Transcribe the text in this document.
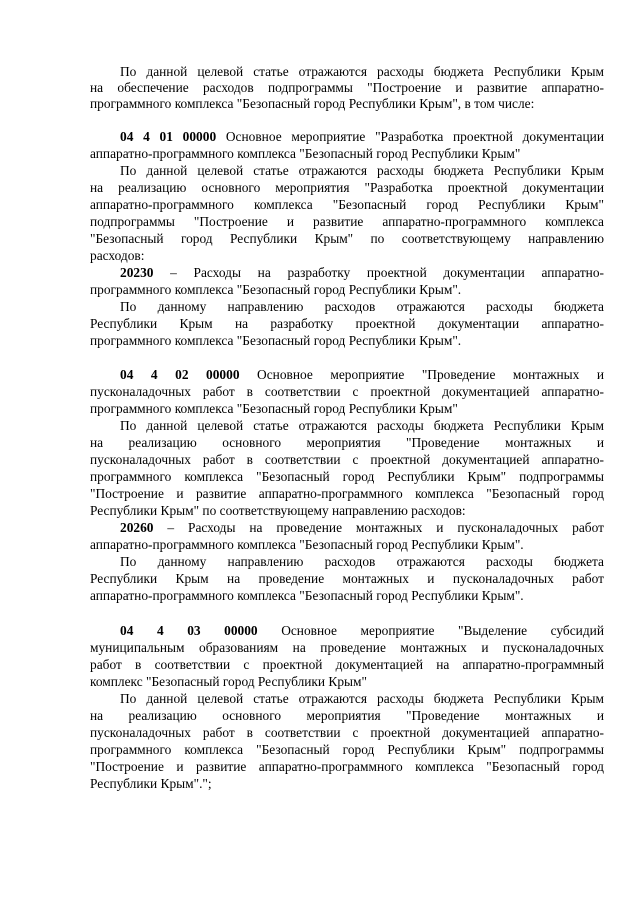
По данной целевой статье отражаются расходы бюджета Республики Крым
на обеспечение расходов подпрограммы "Построение и развитие аппаратно-
программного комплекса "Безопасный город Республики Крым", в том числе:
04 4 01 00000 Основное мероприятие "Разработка проектной документации
аппаратно-программного комплекса "Безопасный город Республики Крым"
По данной целевой статье отражаются расходы бюджета Республики Крым
на реализацию основного мероприятия "Разработка проектной документации
аппаратно-программного комплекса "Безопасный город Республики Крым"
подпрограммы "Построение и развитие аппаратно-программного комплекса
"Безопасный город Республики Крым" по соответствующему направлению
расходов:
20230 – Расходы на разработку проектной документации аппаратно-
программного комплекса "Безопасный город Республики Крым".
По данному направлению расходов отражаются расходы бюджета
Республики Крым на разработку проектной документации аппаратно-
программного комплекса "Безопасный город Республики Крым".
04 4 02 00000 Основное мероприятие "Проведение монтажных и
пусконаладочных работ в соответствии с проектной документацией аппаратно-
программного комплекса "Безопасный город Республики Крым"
По данной целевой статье отражаются расходы бюджета Республики Крым
на реализацию основного мероприятия "Проведение монтажных и
пусконаладочных работ в соответствии с проектной документацией аппаратно-
программного комплекса "Безопасный город Республики Крым" подпрограммы
"Построение и развитие аппаратно-программного комплекса "Безопасный город
Республики Крым" по соответствующему направлению расходов:
20260 – Расходы на проведение монтажных и пусконаладочных работ
аппаратно-программного комплекса "Безопасный город Республики Крым".
По данному направлению расходов отражаются расходы бюджета
Республики Крым на проведение монтажных и пусконаладочных работ
аппаратно-программного комплекса "Безопасный город Республики Крым".
04 4 03 00000 Основное мероприятие "Выделение субсидий
муниципальным образованиям на проведение монтажных и пусконаладочных
работ в соответствии с проектной документацией на аппаратно-программный
комплекс "Безопасный город Республики Крым"
По данной целевой статье отражаются расходы бюджета Республики Крым
на реализацию основного мероприятия "Проведение монтажных и
пусконаладочных работ в соответствии с проектной документацией аппаратно-
программного комплекса "Безопасный город Республики Крым" подпрограммы
"Построение и развитие аппаратно-программного комплекса "Безопасный город
Республики Крым".";
